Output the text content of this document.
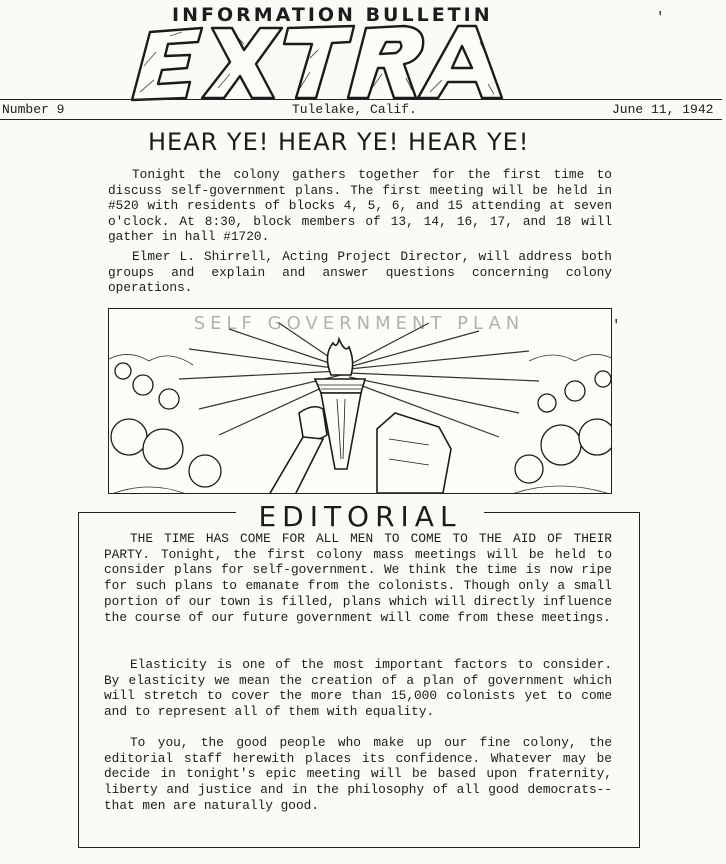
INFORMATION BULLETIN
Number 9	Tulelake, Calif.	June 11, 1942
HEAR YE! HEAR YE! HEAR YE!

Tonight the colony gathers together for the first time to discuss self-government plans. The first meeting will be held in #520 with residents of blocks 4, 5, 6, and 15 attending at seven o'clock. At 8:30, block members of 13, 14, 16, 17, and 18 will gather in hall #1720.

Elmer L. Shirrell, Acting Project Director, will address both groups and explain and answer questions concerning colony operations.

SELF GOVERNMENT PLAN
EDITORIAL

THE TIME HAS COME FOR ALL MEN TO COME TO THE AID OF THEIR PARTY. Tonight, the first colony mass meetings will be held to consider plans for self-government. We think the time is now ripe for such plans to emanate from the colonists. Though only a small portion of our town is filled, plans which will directly influence the course of our future government will come from these meetings.

Elasticity is one of the most important factors to consider. By elasticity we mean the creation of a plan of government which will stretch to cover the more than 15,000 colonists yet to come and to represent all of them with equality.

To you, the good people who make up our fine colony, the editorial staff herewith places its confidence. Whatever may be decide in tonight's epic meeting will be based upon fraternity, liberty and justice and in the philosophy of all good democrats--that men are naturally good.

'
'
